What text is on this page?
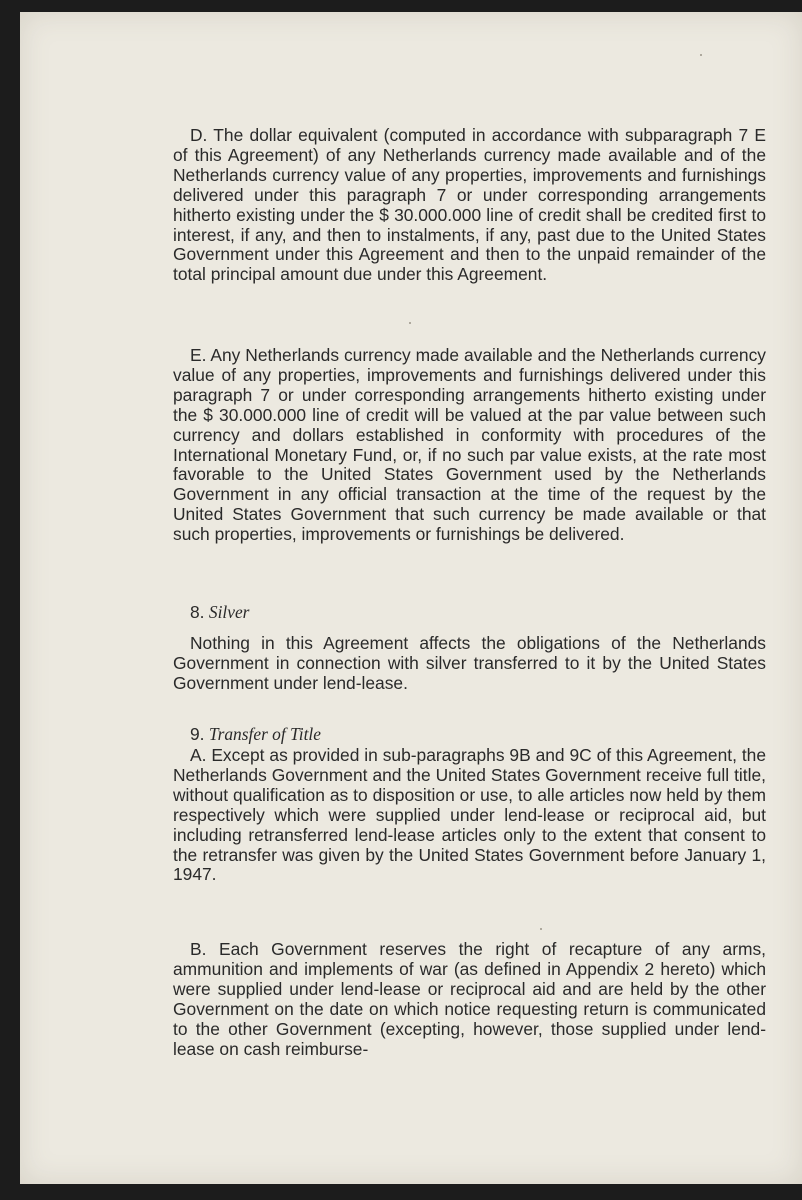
D. The dollar equivalent (computed in accordance with subparagraph 7 E of this Agreement) of any Netherlands currency made available and of the Netherlands currency value of any properties, improvements and furnishings delivered under this paragraph 7 or under corresponding arrangements hitherto existing under the $ 30.000.000 line of credit shall be credited first to interest, if any, and then to instalments, if any, past due to the United States Government under this Agreement and then to the unpaid remainder of the total principal amount due under this Agreement.

E. Any Netherlands currency made available and the Netherlands currency value of any properties, improvements and furnishings delivered under this paragraph 7 or under corresponding arrangements hitherto existing under the $ 30.000.000 line of credit will be valued at the par value between such currency and dollars established in conformity with procedures of the International Monetary Fund, or, if no such par value exists, at the rate most favorable to the United States Government used by the Netherlands Government in any official transaction at the time of the request by the United States Government that such currency be made available or that such properties, improvements or furnishings be delivered.

8. Silver

Nothing in this Agreement affects the obligations of the Netherlands Government in connection with silver transferred to it by the United States Government under lend-lease.

9. Transfer of Title

A. Except as provided in sub-paragraphs 9B and 9C of this Agreement, the Netherlands Government and the United States Government receive full title, without qualification as to disposition or use, to alle articles now held by them respectively which were supplied under lend-lease or reciprocal aid, but including retransferred lend-lease articles only to the extent that consent to the retransfer was given by the United States Government before January 1, 1947.

B. Each Government reserves the right of recapture of any arms, ammunition and implements of war (as defined in Appendix 2 hereto) which were supplied under lend-lease or reciprocal aid and are held by the other Government on the date on which notice requesting return is communicated to the other Government (excepting, however, those supplied under lend-lease on cash reimburse-
